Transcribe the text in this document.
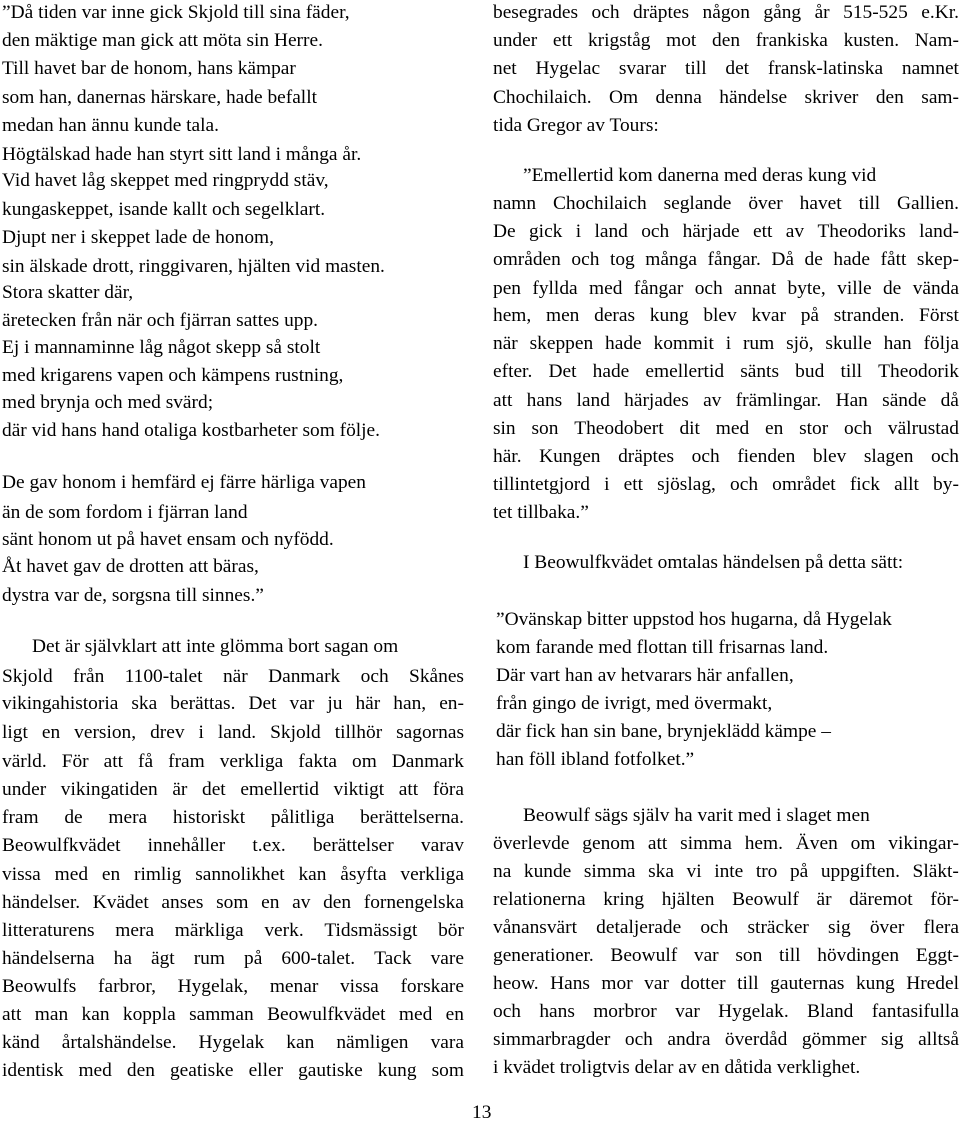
”Då tiden var inne gick Skjold till sina fäder,
den mäktige man gick att möta sin Herre.
Till havet bar de honom, hans kämpar
som han, danernas härskare, hade befallt
medan han ännu kunde tala.
Högtälskad hade han styrt sitt land i många år.
Vid havet låg skeppet med ringprydd stäv,
kungaskeppet, isande kallt och segelklart.
Djupt ner i skeppet lade de honom,
sin älskade drott, ringgivaren, hjälten vid masten.
Stora skatter där,
äretecken från när och fjärran sattes upp.
Ej i mannaminne låg något skepp så stolt
med krigarens vapen och kämpens rustning,
med brynja och med svärd;
där vid hans hand otaliga kostbarheter som följe.
De gav honom i hemfärd ej färre härliga vapen
än de som fordom i fjärran land
sänt honom ut på havet ensam och nyfödd.
Åt havet gav de drotten att bäras,
dystra var de, sorgsna till sinnes.”
Det är självklart att inte glömma bort sagan om
Skjold från 1100-talet när Danmark och Skånes
vikingahistoria ska berättas. Det var ju här han, en-
ligt en version, drev i land. Skjold tillhör sagornas
värld. För att få fram verkliga fakta om Danmark
under vikingatiden är det emellertid viktigt att föra
fram de mera historiskt pålitliga berättelserna.
Beowulfkvädet innehåller t.ex. berättelser varav
vissa med en rimlig sannolikhet kan åsyfta verkliga
händelser. Kvädet anses som en av den fornengelska
litteraturens mera märkliga verk. Tidsmässigt bör
händelserna ha ägt rum på 600-talet. Tack vare
Beowulfs farbror, Hygelak, menar vissa forskare
att man kan koppla samman Beowulfkvädet med en
känd årtalshändelse. Hygelak kan nämligen vara
identisk med den geatiske eller gautiske kung som
besegrades och dräptes någon gång år 515-525 e.Kr.
under ett krigståg mot den frankiska kusten. Nam-
net Hygelac svarar till det fransk-latinska namnet
Chochilaich. Om denna händelse skriver den sam-
tida Gregor av Tours:
”Emellertid kom danerna med deras kung vid
namn Chochilaich seglande över havet till Gallien.
De gick i land och härjade ett av Theodoriks land-
områden och tog många fångar. Då de hade fått skep-
pen fyllda med fångar och annat byte, ville de vända
hem, men deras kung blev kvar på stranden. Först
när skeppen hade kommit i rum sjö, skulle han följa
efter. Det hade emellertid sänts bud till Theodorik
att hans land härjades av främlingar. Han sände då
sin son Theodobert dit med en stor och välrustad
här. Kungen dräptes och fienden blev slagen och
tillintetgjord i ett sjöslag, och området fick allt by-
tet tillbaka.”
I Beowulfkvädet omtalas händelsen på detta sätt:
”Ovänskap bitter uppstod hos hugarna, då Hygelak
kom farande med flottan till frisarnas land.
Där vart han av hetvarars här anfallen,
från gingo de ivrigt, med övermakt,
där fick han sin bane, brynjeklädd kämpe –
han föll ibland fotfolket.”
Beowulf sägs själv ha varit med i slaget men
överlevde genom att simma hem. Även om vikingar-
na kunde simma ska vi inte tro på uppgiften. Släkt-
relationerna kring hjälten Beowulf är däremot för-
vånansvärt detaljerade och sträcker sig över flera
generationer. Beowulf var son till hövdingen Eggt-
heow. Hans mor var dotter till gauternas kung Hredel
och hans morbror var Hygelak. Bland fantasifulla
simmarbragder och andra överdåd gömmer sig alltså
i kvädet troligtvis delar av en dåtida verklighet.
13
